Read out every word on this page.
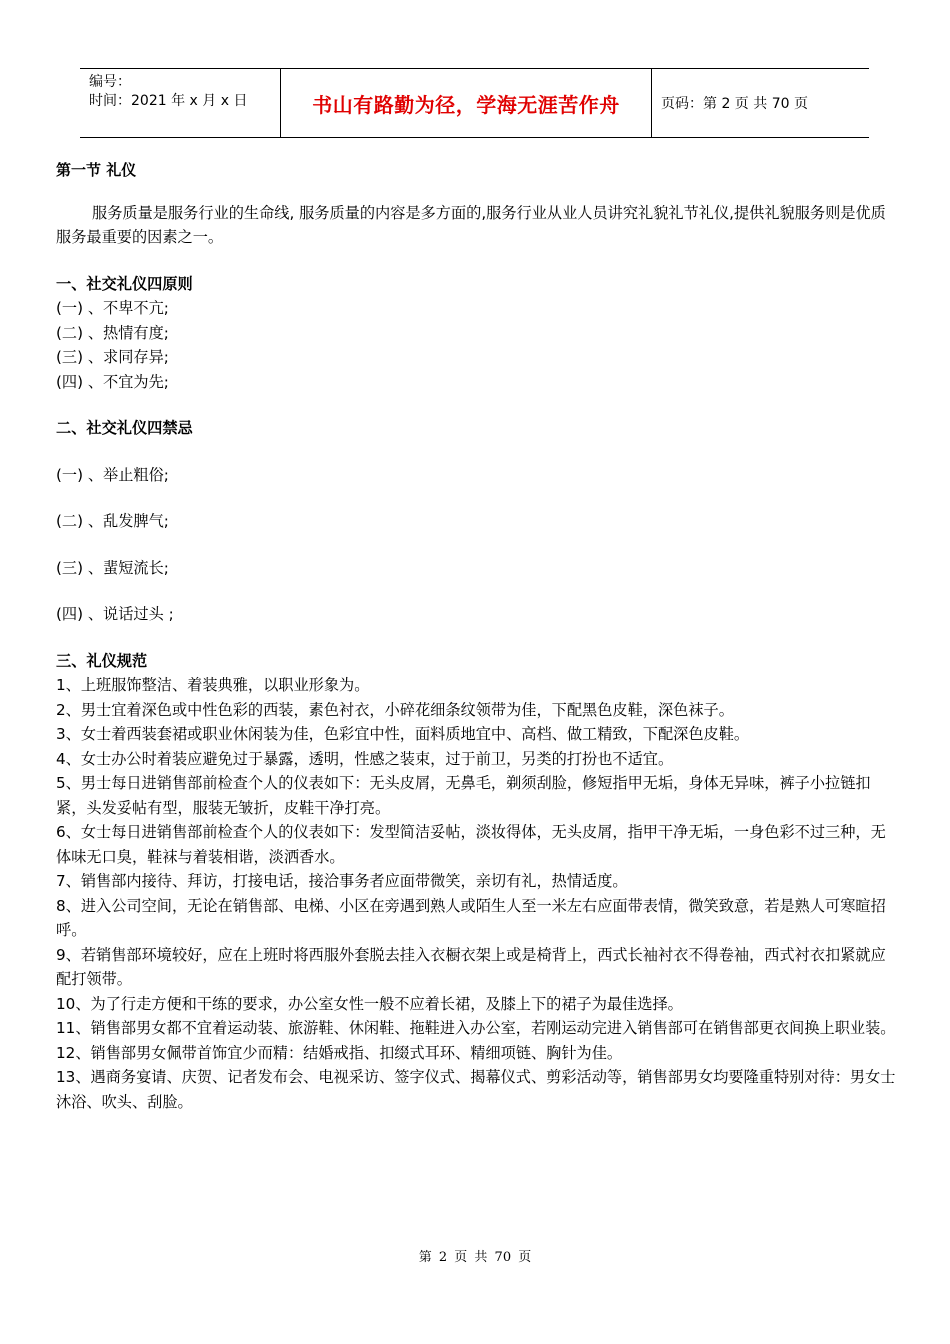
编号：
时间：2021 年 x 月 x 日	书山有路勤为径，学海无涯苦作舟	页码：第 2 页 共 70 页

第一节 礼仪

服务质量是服务行业的生命线, 服务质量的内容是多方面的,服务行业从业人员讲究礼貌礼节礼仪,提供礼貌服务则是优质服务最重要的因素之一。

一、社交礼仪四原则

(一) 、不卑不亢;

(二) 、热情有度;

(三) 、求同存异;

(四) 、不宜为先;

二、社交礼仪四禁忌

(一) 、举止粗俗;

(二) 、乱发脾气;

(三) 、蜚短流长;

(四) 、说话过头 ;

三、礼仪规范

1、上班服饰整洁、着装典雅，以职业形象为。

2、男士宜着深色或中性色彩的西装，素色衬衣，小碎花细条纹领带为佳，下配黑色皮鞋，深色袜子。

3、女士着西装套裙或职业休闲装为佳，色彩宜中性，面料质地宜中、高档、做工精致，下配深色皮鞋。

4、女士办公时着装应避免过于暴露，透明，性感之装束，过于前卫，另类的打扮也不适宜。

5、男士每日进销售部前检查个人的仪表如下：无头皮屑，无鼻毛，剃须刮脸，修短指甲无垢，身体无异味，裤子小拉链扣紧，头发妥帖有型，服装无皱折，皮鞋干净打亮。

6、女士每日进销售部前检查个人的仪表如下：发型简洁妥帖，淡妆得体，无头皮屑，指甲干净无垢，一身色彩不过三种，无体味无口臭，鞋袜与着装相谐，淡洒香水。

7、销售部内接待、拜访，打接电话，接洽事务者应面带微笑，亲切有礼，热情适度。

8、进入公司空间，无论在销售部、电梯、小区在旁遇到熟人或陌生人至一米左右应面带表情，微笑致意，若是熟人可寒暄招呼。

9、若销售部环境较好，应在上班时将西服外套脱去挂入衣橱衣架上或是椅背上，西式长袖衬衣不得卷袖，西式衬衣扣紧就应配打领带。

10、为了行走方便和干练的要求，办公室女性一般不应着长裙，及膝上下的裙子为最佳选择。

11、销售部男女都不宜着运动装、旅游鞋、休闲鞋、拖鞋进入办公室，若刚运动完进入销售部可在销售部更衣间换上职业装。

12、销售部男女佩带首饰宜少而精：结婚戒指、扣缀式耳环、精细项链、胸针为佳。

13、遇商务宴请、庆贺、记者发布会、电视采访、签字仪式、揭幕仪式、剪彩活动等，销售部男女均要隆重特别对待：男女士沐浴、吹头、刮脸。

第 2 页 共 70 页
